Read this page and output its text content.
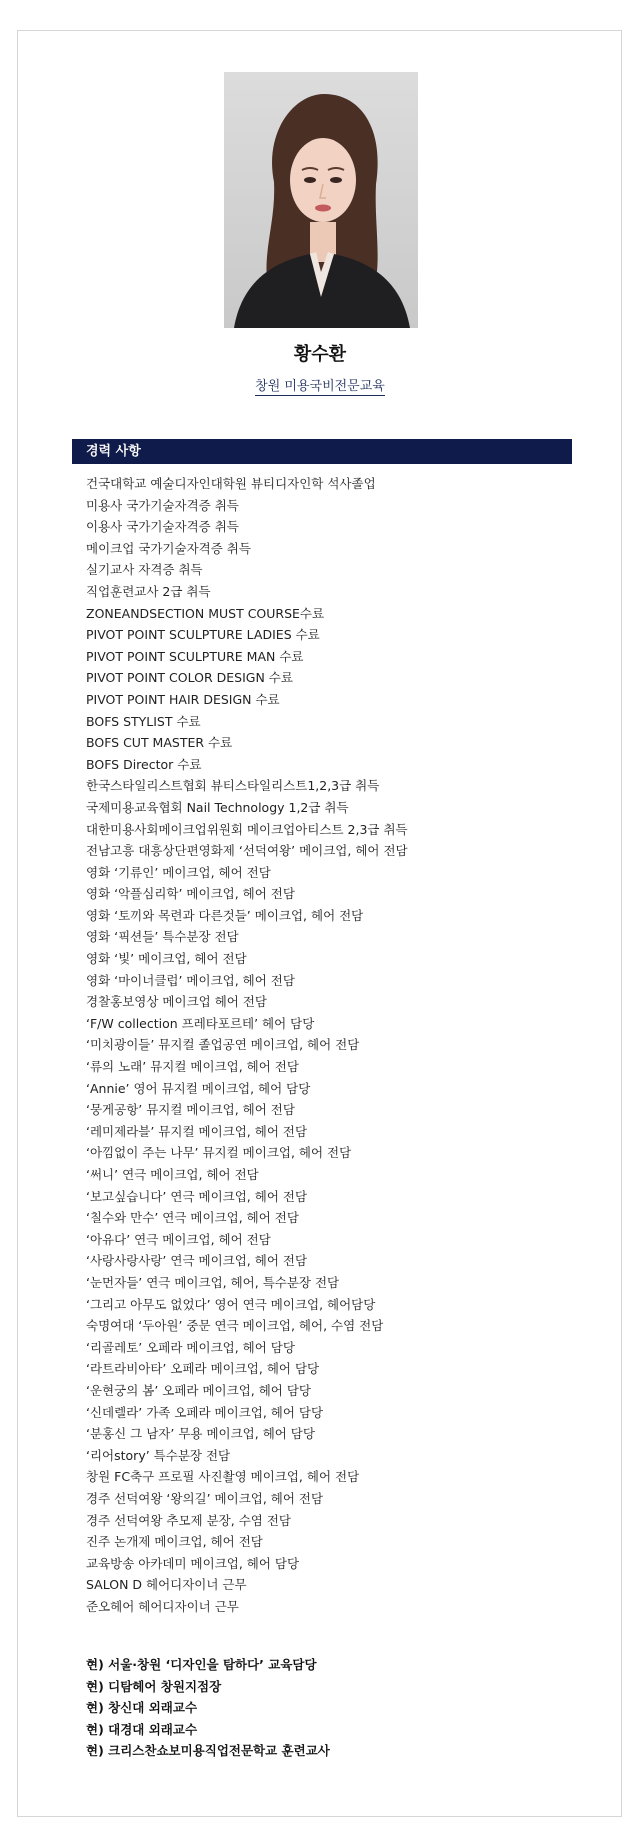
황수환
창원 미용국비전문교육
경력 사항
건국대학교 예술디자인대학원 뷰티디자인학 석사졸업
미용사 국가기술자격증 취득
이용사 국가기술자격증 취득
메이크업 국가기술자격증 취득
실기교사 자격증 취득
직업훈련교사 2급 취득
ZONEANDSECTION MUST COURSE수료
PIVOT POINT SCULPTURE LADIES 수료
PIVOT POINT SCULPTURE MAN 수료
PIVOT POINT COLOR DESIGN 수료
PIVOT POINT HAIR DESIGN 수료
BOFS STYLIST 수료
BOFS CUT MASTER 수료
BOFS Director 수료
한국스타일리스트협회 뷰티스타일리스트1,2,3급 취득
국제미용교육협회 Nail Technology 1,2급 취득
대한미용사회메이크업위원회 메이크업아티스트 2,3급 취득
전남고흥 대흥상단편영화제 ‘선덕여왕’ 메이크업, 헤어 전담
영화 ‘기류인’ 메이크업, 헤어 전담
영화 ‘악플심리학’ 메이크업, 헤어 전담
영화 ‘토끼와 목련과 다른것들’ 메이크업, 헤어 전담
영화 ‘픽션들’ 특수분장 전담
영화 ‘빛’ 메이크업, 헤어 전담
영화 ‘마이너클럽’ 메이크업, 헤어 전담
경찰홍보영상 메이크업 헤어 전담
‘F/W collection 프레타포르테’ 헤어 담당
‘미치광이들’ 뮤지컬 졸업공연 메이크업, 헤어 전담
‘류의 노래’ 뮤지컬 메이크업, 헤어 전담
‘Annie’ 영어 뮤지컬 메이크업, 헤어 담당
‘뭉게공항’ 뮤지컬 메이크업, 헤어 전담
‘레미제라블’ 뮤지컬 메이크업, 헤어 전담
‘아낌없이 주는 나무’ 뮤지컬 메이크업, 헤어 전담
‘써니’ 연극 메이크업, 헤어 전담
‘보고싶습니다’ 연극 메이크업, 헤어 전담
‘칠수와 만수’ 연극 메이크업, 헤어 전담
‘아유다’ 연극 메이크업, 헤어 전담
‘사랑사랑사랑’ 연극 메이크업, 헤어 전담
‘눈먼자들’ 연극 메이크업, 헤어, 특수분장 전담
‘그리고 아무도 없었다’ 영어 연극 메이크업, 헤어담당
숙명여대 ‘두아원’ 중문 연극 메이크업, 헤어, 수염 전담
‘리골레토’ 오페라 메이크업, 헤어 담당
‘라트라비아타’ 오페라 메이크업, 헤어 담당
‘운현궁의 봄’ 오페라 메이크업, 헤어 담당
‘신데렐라’ 가족 오페라 메이크업, 헤어 담당
‘분홍신 그 남자’ 무용 메이크업, 헤어 담당
‘리어story’ 특수분장 전담
창원 FC축구 프로필 사진촬영 메이크업, 헤어 전담
경주 선덕여왕 ‘왕의길’ 메이크업, 헤어 전담
경주 선덕여왕 추모제 분장, 수염 전담
진주 논개제 메이크업, 헤어 전담
교육방송 아카데미 메이크업, 헤어 담당
SALON D 헤어디자이너 근무
준오헤어 헤어디자이너 근무
현) 서울·창원 ‘디자인을 탐하다’ 교육담당
현) 디탐헤어 창원지점장
현) 창신대 외래교수
현) 대경대 외래교수
현) 크리스찬쇼보미용직업전문학교 훈련교사
